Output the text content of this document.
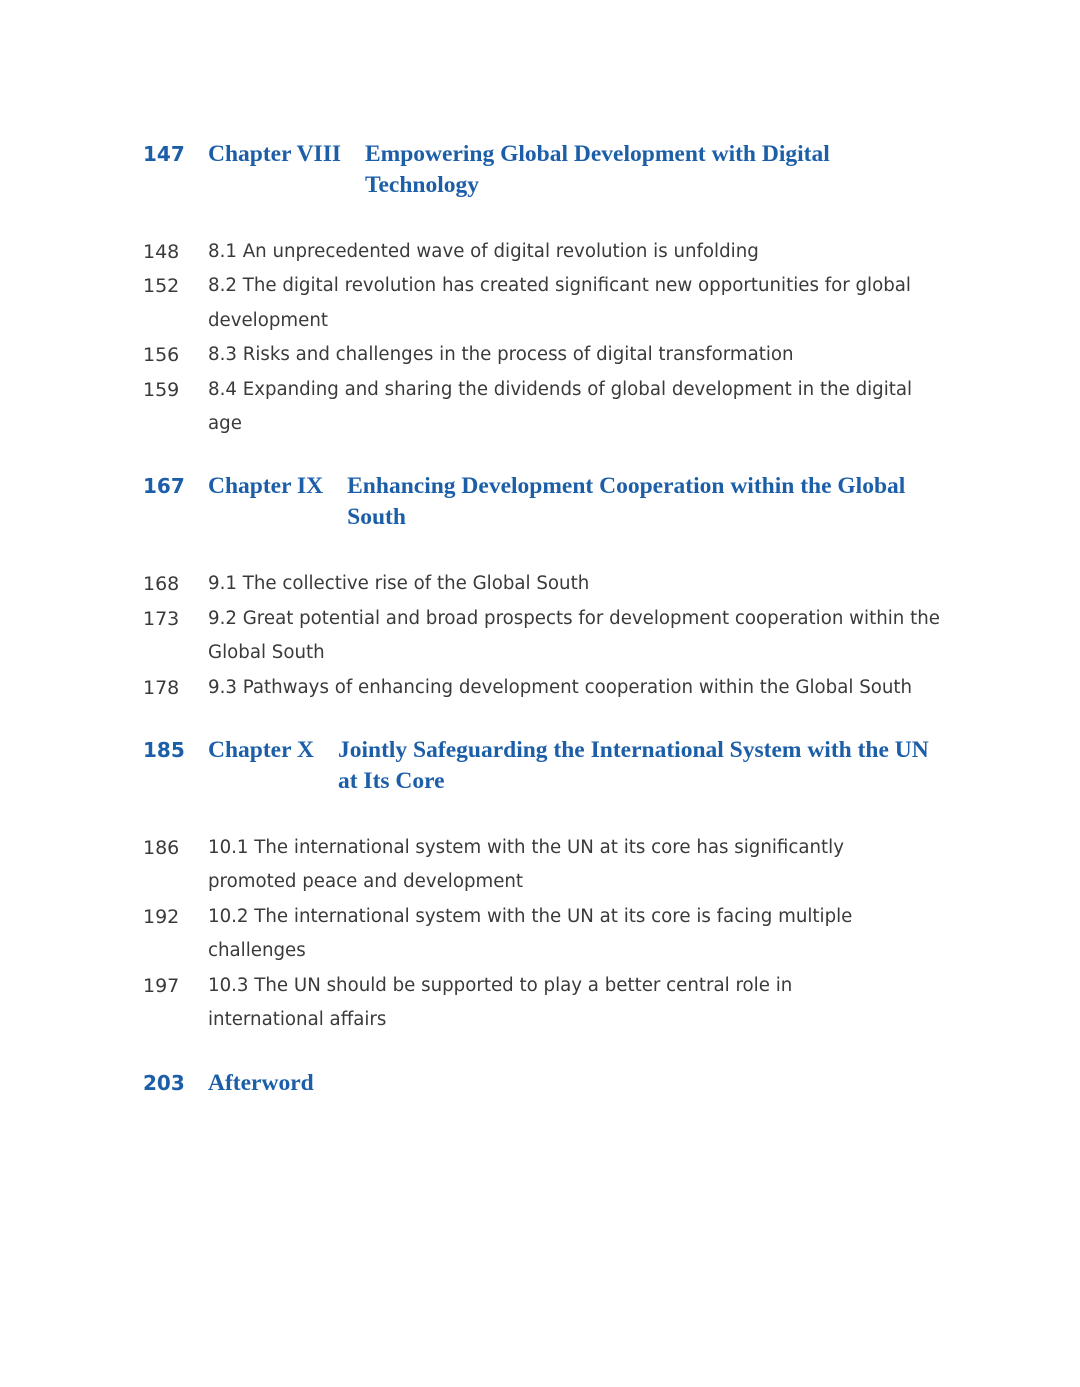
147 Chapter VIII Empowering Global Development with Digital Technology
148	8.1 An unprecedented wave of digital revolution is unfolding
152	8.2 The digital revolution has created significant new opportunities for global development
156	8.3 Risks and challenges in the process of digital transformation
159	8.4 Expanding and sharing the dividends of global development in the digital age
167 Chapter IX Enhancing Development Cooperation within the Global South
168	9.1 The collective rise of the Global South
173	9.2 Great potential and broad prospects for development cooperation within the Global South
178	9.3 Pathways of enhancing development cooperation within the Global South
185 Chapter X Jointly Safeguarding the International System with the UN at Its Core
186	10.1 The international system with the UN at its core has significantly promoted peace and development
192	10.2 The international system with the UN at its core is facing multiple challenges
197	10.3 The UN should be supported to play a better central role in international affairs
203 Afterword
